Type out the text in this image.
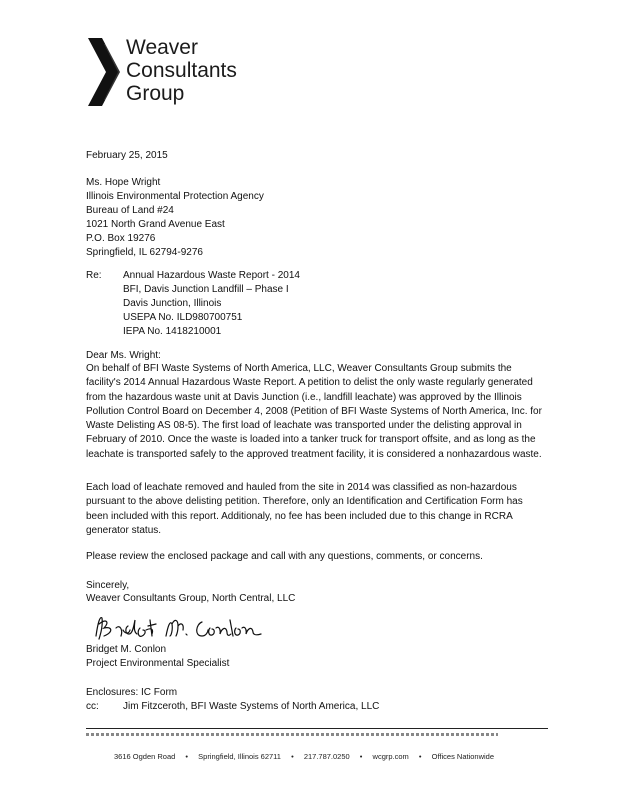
Weaver
Consultants
Group
February 25, 2015
Ms. Hope Wright
Illinois Environmental Protection Agency
Bureau of Land #24
1021 North Grand Avenue East
P.O. Box 19276
Springfield, IL 62794-9276
Re: Annual Hazardous Waste Report - 2014
BFI, Davis Junction Landfill – Phase I
Davis Junction, Illinois
USEPA No. ILD980700751
IEPA No. 1418210001
Dear Ms. Wright:
On behalf of BFI Waste Systems of North America, LLC, Weaver Consultants Group submits the facility's 2014 Annual Hazardous Waste Report. A petition to delist the only waste regularly generated from the hazardous waste unit at Davis Junction (i.e., landfill leachate) was approved by the Illinois Pollution Control Board on December 4, 2008 (Petition of BFI Waste Systems of North America, Inc. for Waste Delisting AS 08-5). The first load of leachate was transported under the delisting approval in February of 2010. Once the waste is loaded into a tanker truck for transport offsite, and as long as the leachate is transported safely to the approved treatment facility, it is considered a nonhazardous waste.
Each load of leachate removed and hauled from the site in 2014 was classified as non-hazardous pursuant to the above delisting petition. Therefore, only an Identification and Certification Form has been included with this report. Additionaly, no fee has been included due to this change in RCRA generator status.
Please review the enclosed package and call with any questions, comments, or concerns.
Sincerely,
Weaver Consultants Group, North Central, LLC
Bridget M. Conlon
Project Environmental Specialist
Enclosures: IC Form
cc: Jim Fitzceroth, BFI Waste Systems of North America, LLC
3616 Ogden Road • Springfield, Illinois 62711 • 217.787.0250 • wcgrp.com • Offices Nationwide
